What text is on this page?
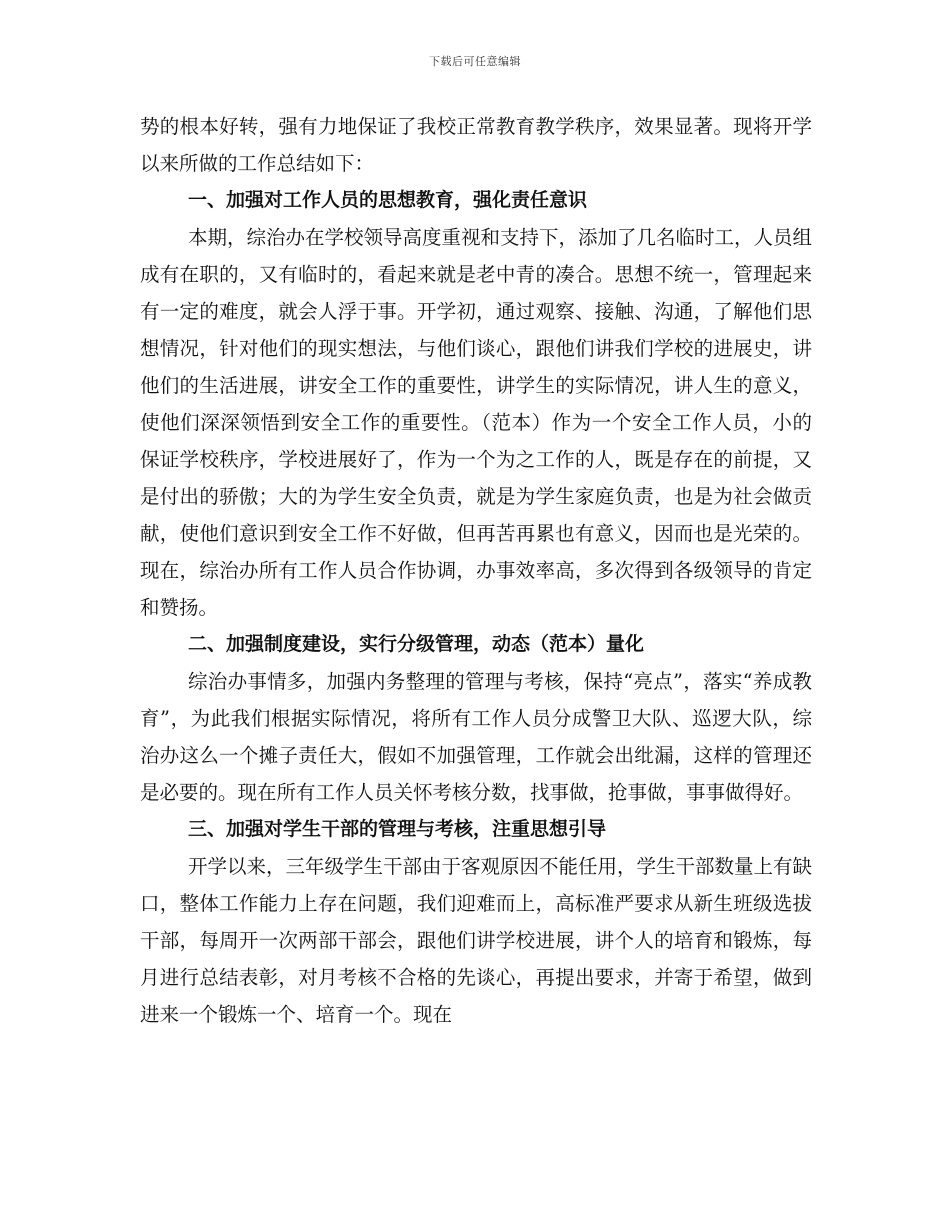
下载后可任意编辑

势的根本好转，强有力地保证了我校正常教育教学秩序，效果显著。现将开学以来所做的工作总结如下：

一、加强对工作人员的思想教育，强化责任意识

本期，综治办在学校领导高度重视和支持下，添加了几名临时工，人员组成有在职的，又有临时的，看起来就是老中青的凑合。思想不统一，管理起来有一定的难度，就会人浮于事。开学初，通过观察、接触、沟通，了解他们思想情况，针对他们的现实想法，与他们谈心，跟他们讲我们学校的进展史，讲他们的生活进展，讲安全工作的重要性，讲学生的实际情况，讲人生的意义，使他们深深领悟到安全工作的重要性。（范本）作为一个安全工作人员，小的保证学校秩序，学校进展好了，作为一个为之工作的人，既是存在的前提，又是付出的骄傲；大的为学生安全负责，就是为学生家庭负责，也是为社会做贡献，使他们意识到安全工作不好做，但再苦再累也有意义，因而也是光荣的。现在，综治办所有工作人员合作协调，办事效率高，多次得到各级领导的肯定和赞扬。

二、加强制度建设，实行分级管理，动态（范本）量化

综治办事情多，加强内务整理的管理与考核，保持“亮点”，落实“养成教育”，为此我们根据实际情况，将所有工作人员分成警卫大队、巡逻大队，综治办这么一个摊子责任大，假如不加强管理，工作就会出纰漏，这样的管理还是必要的。现在所有工作人员关怀考核分数，找事做，抢事做，事事做得好。

三、加强对学生干部的管理与考核，注重思想引导

开学以来，三年级学生干部由于客观原因不能任用，学生干部数量上有缺口，整体工作能力上存在问题，我们迎难而上，高标准严要求从新生班级选拔干部，每周开一次两部干部会，跟他们讲学校进展，讲个人的培育和锻炼，每月进行总结表彰，对月考核不合格的先谈心，再提出要求，并寄于希望，做到进来一个锻炼一个、培育一个。现在
